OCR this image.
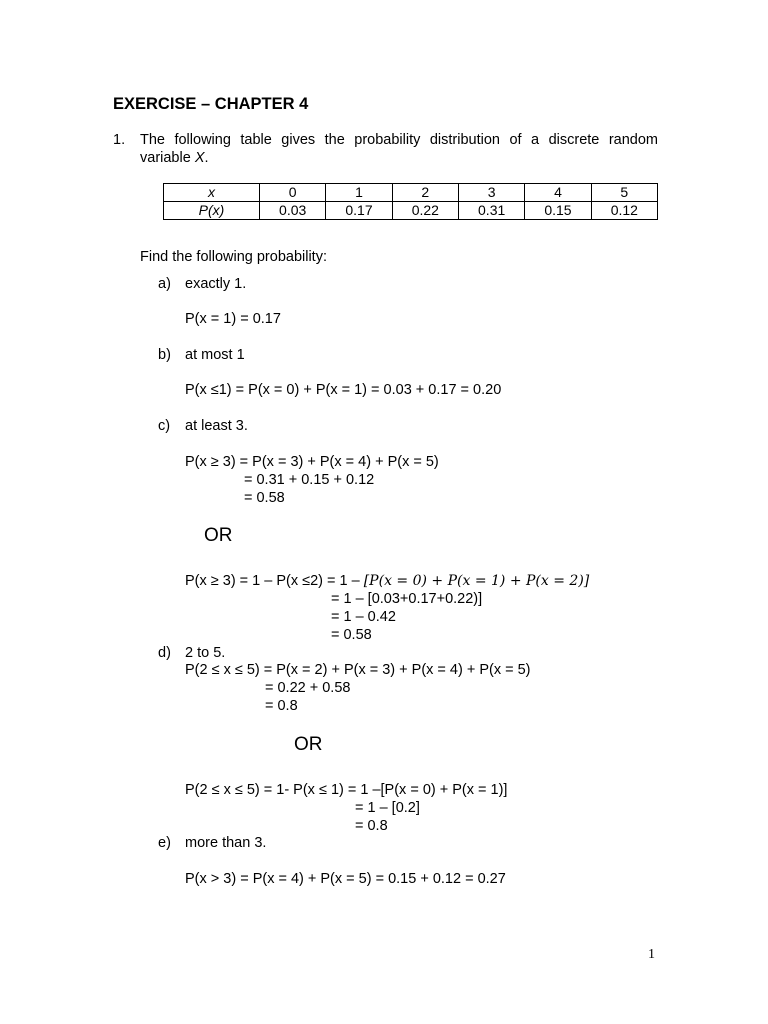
EXERCISE – CHAPTER 4
1. The following table gives the probability distribution of a discrete random variable X.
x	0	1	2	3	4	5
P(x)	0.03	0.17	0.22	0.31	0.15	0.12
Find the following probability:
a) exactly 1.
P(x = 1) = 0.17
b) at most 1
P(x ≤1) = P(x = 0) + P(x = 1) = 0.03 + 0.17 = 0.20
c) at least 3.
P(x ≥ 3) = P(x = 3) + P(x = 4) + P(x = 5)
= 0.31 + 0.15 + 0.12
= 0.58
OR
P(x ≥ 3) = 1 – P(x ≤2) = 1 – [P(x = 0) + P(x = 1) + P(x = 2)]
= 1 – [0.03+0.17+0.22)]
= 1 – 0.42
= 0.58
d) 2 to 5.
P(2 ≤ x ≤ 5) = P(x = 2) + P(x = 3) + P(x = 4) + P(x = 5)
= 0.22 + 0.58
= 0.8
OR
P(2 ≤ x ≤ 5) = 1- P(x ≤ 1) = 1 –[P(x = 0) + P(x = 1)]
= 1 – [0.2]
= 0.8
e) more than 3.
P(x > 3) = P(x = 4) + P(x = 5) = 0.15 + 0.12 = 0.27
1
